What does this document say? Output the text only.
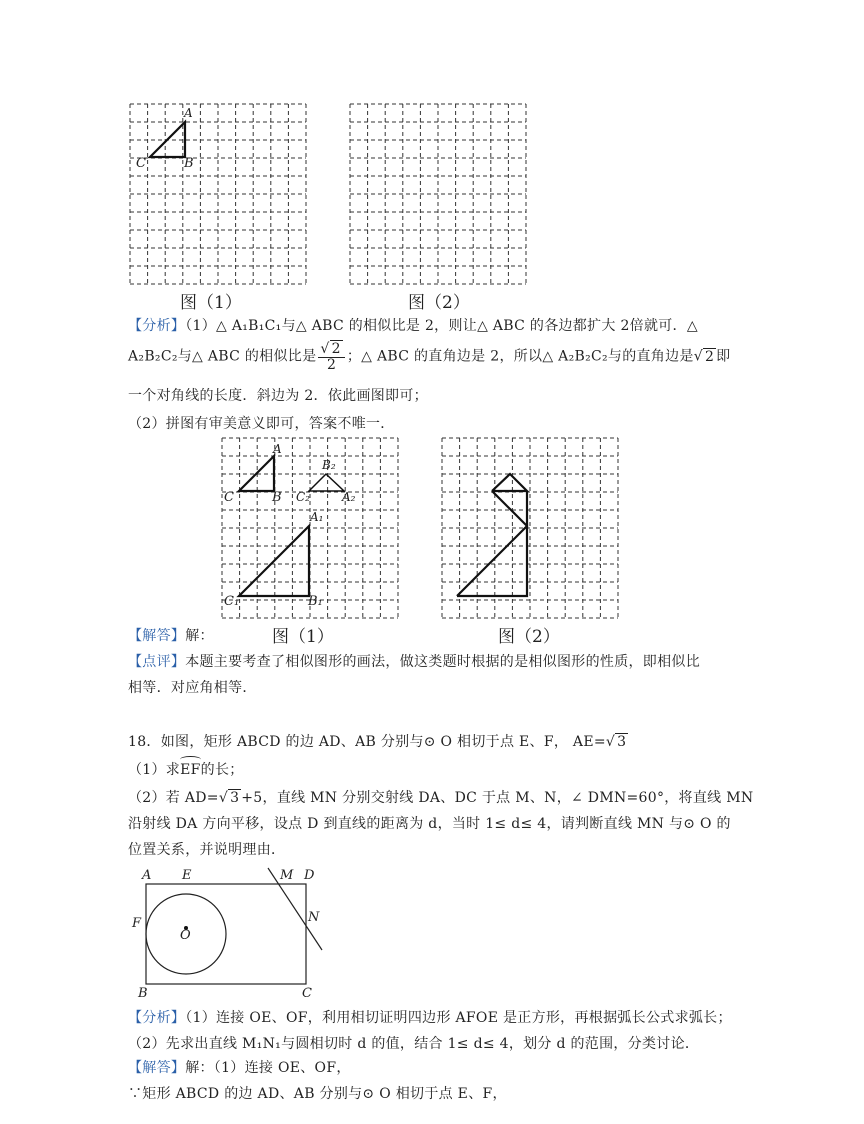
A
C	B
图（1）	图（2）
【分析】（1）△ A₁B₁C₁与△ ABC 的相似比是 2，则让△ ABC 的各边都扩大 2倍就可．△
A₂B₂C₂与△ ABC 的相似比是 $\frac{√ 2}{2}$ ；△ ABC 的直角边是 2，所以△ A₂B₂C₂与的直角边是√ 2 即
一个对角线的长度．斜边为 2．依此画图即可；
（2）拼图有审美意义即可，答案不唯一．
A
C	B
B₂
C₂	A₂
A₁
C₁	B₁
【解答】解：	图（1）	图（2）
【点评】本题主要考查了相似图形的画法，做这类题时根据的是相似图形的性质，即相似比
相等．对应角相等．
18．如图，矩形 ABCD 的边 AD、AB 分别与⊙ O 相切于点 E、F， AE=√ 3
（1）求EF的长；
（2）若 AD=√ 3 +5，直线 MN 分别交射线 DA、DC 于点 M、N，∠ DMN=60°，将直线 MN
沿射线 DA 方向平移，设点 D 到直线的距离为 d，当时 1≤ d≤ 4，请判断直线 MN 与⊙ O 的
位置关系，并说明理由．
A E	M D
F	N
O
B	C
【分析】（1）连接 OE、OF，利用相切证明四边形 AFOE 是正方形，再根据弧长公式求弧长；
（2）先求出直线 M₁N₁与圆相切时 d 的值，结合 1≤ d≤ 4，划分 d 的范围，分类讨论．
【解答】解：（1）连接 OE、OF，
∵矩形 ABCD 的边 AD、AB 分别与⊙ O 相切于点 E、F，
